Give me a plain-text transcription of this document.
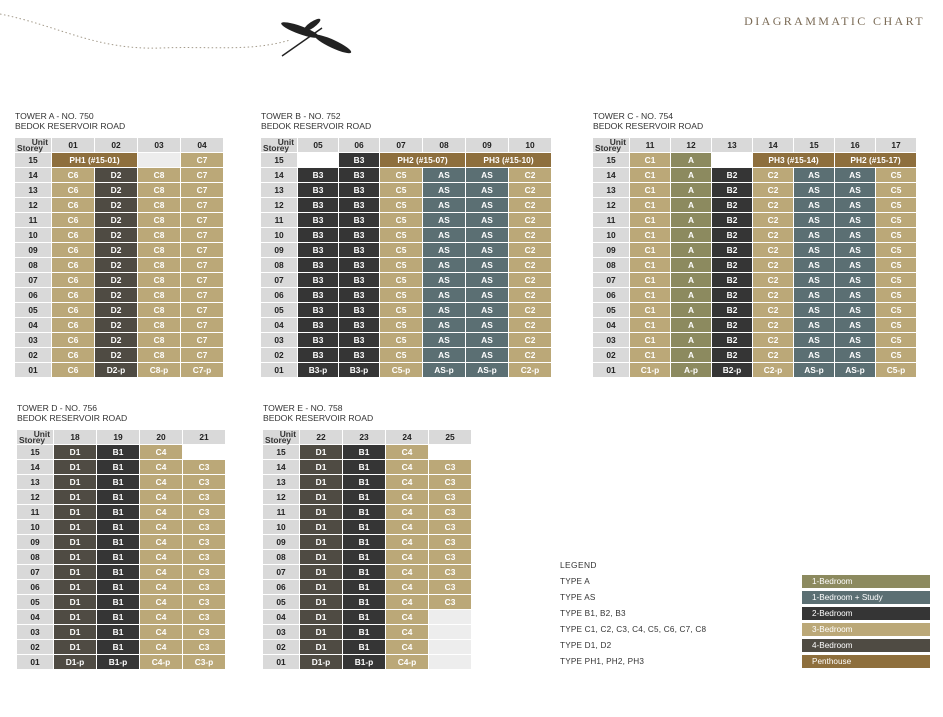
DIAGRAMMATIC CHART
TOWER A - NO. 750
BEDOK RESERVOIR ROAD
Unit
Storey	01	02	03	04
15	PH1 (#15-01)			C7
14	C6	D2	C8	C7
13	C6	D2	C8	C7
12	C6	D2	C8	C7
11	C6	D2	C8	C7
10	C6	D2	C8	C7
09	C6	D2	C8	C7
08	C6	D2	C8	C7
07	C6	D2	C8	C7
06	C6	D2	C8	C7
05	C6	D2	C8	C7
04	C6	D2	C8	C7
03	C6	D2	C8	C7
02	C6	D2	C8	C7
01	C6	D2-p	C8-p	C7-p
TOWER B - NO. 752
BEDOK RESERVOIR ROAD
Unit
Storey	05	06	07	08	09	10
15		B3	PH2 (#15-07)		PH3 (#15-10)	
14	B3	B3	C5	AS	AS	C2
13	B3	B3	C5	AS	AS	C2
12	B3	B3	C5	AS	AS	C2
11	B3	B3	C5	AS	AS	C2
10	B3	B3	C5	AS	AS	C2
09	B3	B3	C5	AS	AS	C2
08	B3	B3	C5	AS	AS	C2
07	B3	B3	C5	AS	AS	C2
06	B3	B3	C5	AS	AS	C2
05	B3	B3	C5	AS	AS	C2
04	B3	B3	C5	AS	AS	C2
03	B3	B3	C5	AS	AS	C2
02	B3	B3	C5	AS	AS	C2
01	B3-p	B3-p	C5-p	AS-p	AS-p	C2-p
TOWER C - NO. 754
BEDOK RESERVOIR ROAD
Unit
Storey	11	12	13	14	15	16	17
15	C1	A		PH3 (#15-14)		PH2 (#15-17)	
14	C1	A	B2	C2	AS	AS	C5
13	C1	A	B2	C2	AS	AS	C5
12	C1	A	B2	C2	AS	AS	C5
11	C1	A	B2	C2	AS	AS	C5
10	C1	A	B2	C2	AS	AS	C5
09	C1	A	B2	C2	AS	AS	C5
08	C1	A	B2	C2	AS	AS	C5
07	C1	A	B2	C2	AS	AS	C5
06	C1	A	B2	C2	AS	AS	C5
05	C1	A	B2	C2	AS	AS	C5
04	C1	A	B2	C2	AS	AS	C5
03	C1	A	B2	C2	AS	AS	C5
02	C1	A	B2	C2	AS	AS	C5
01	C1-p	A-p	B2-p	C2-p	AS-p	AS-p	C5-p
TOWER D - NO. 756
BEDOK RESERVOIR ROAD
Unit
Storey	18	19	20	21
15	D1	B1	C4	
14	D1	B1	C4	C3
13	D1	B1	C4	C3
12	D1	B1	C4	C3
11	D1	B1	C4	C3
10	D1	B1	C4	C3
09	D1	B1	C4	C3
08	D1	B1	C4	C3
07	D1	B1	C4	C3
06	D1	B1	C4	C3
05	D1	B1	C4	C3
04	D1	B1	C4	C3
03	D1	B1	C4	C3
02	D1	B1	C4	C3
01	D1-p	B1-p	C4-p	C3-p
TOWER E - NO. 758
BEDOK RESERVOIR ROAD
Unit
Storey	22	23	24	25
15	D1	B1	C4	
14	D1	B1	C4	C3
13	D1	B1	C4	C3
12	D1	B1	C4	C3
11	D1	B1	C4	C3
10	D1	B1	C4	C3
09	D1	B1	C4	C3
08	D1	B1	C4	C3
07	D1	B1	C4	C3
06	D1	B1	C4	C3
05	D1	B1	C4	C3
04	D1	B1	C4	
03	D1	B1	C4	
02	D1	B1	C4	
01	D1-p	B1-p	C4-p	
LEGEND
TYPE A	1-Bedroom
TYPE AS	1-Bedroom + Study
TYPE B1, B2, B3	2-Bedroom
TYPE C1, C2, C3, C4, C5, C6, C7, C8	3-Bedroom
TYPE D1, D2	4-Bedroom
TYPE PH1, PH2, PH3	Penthouse
